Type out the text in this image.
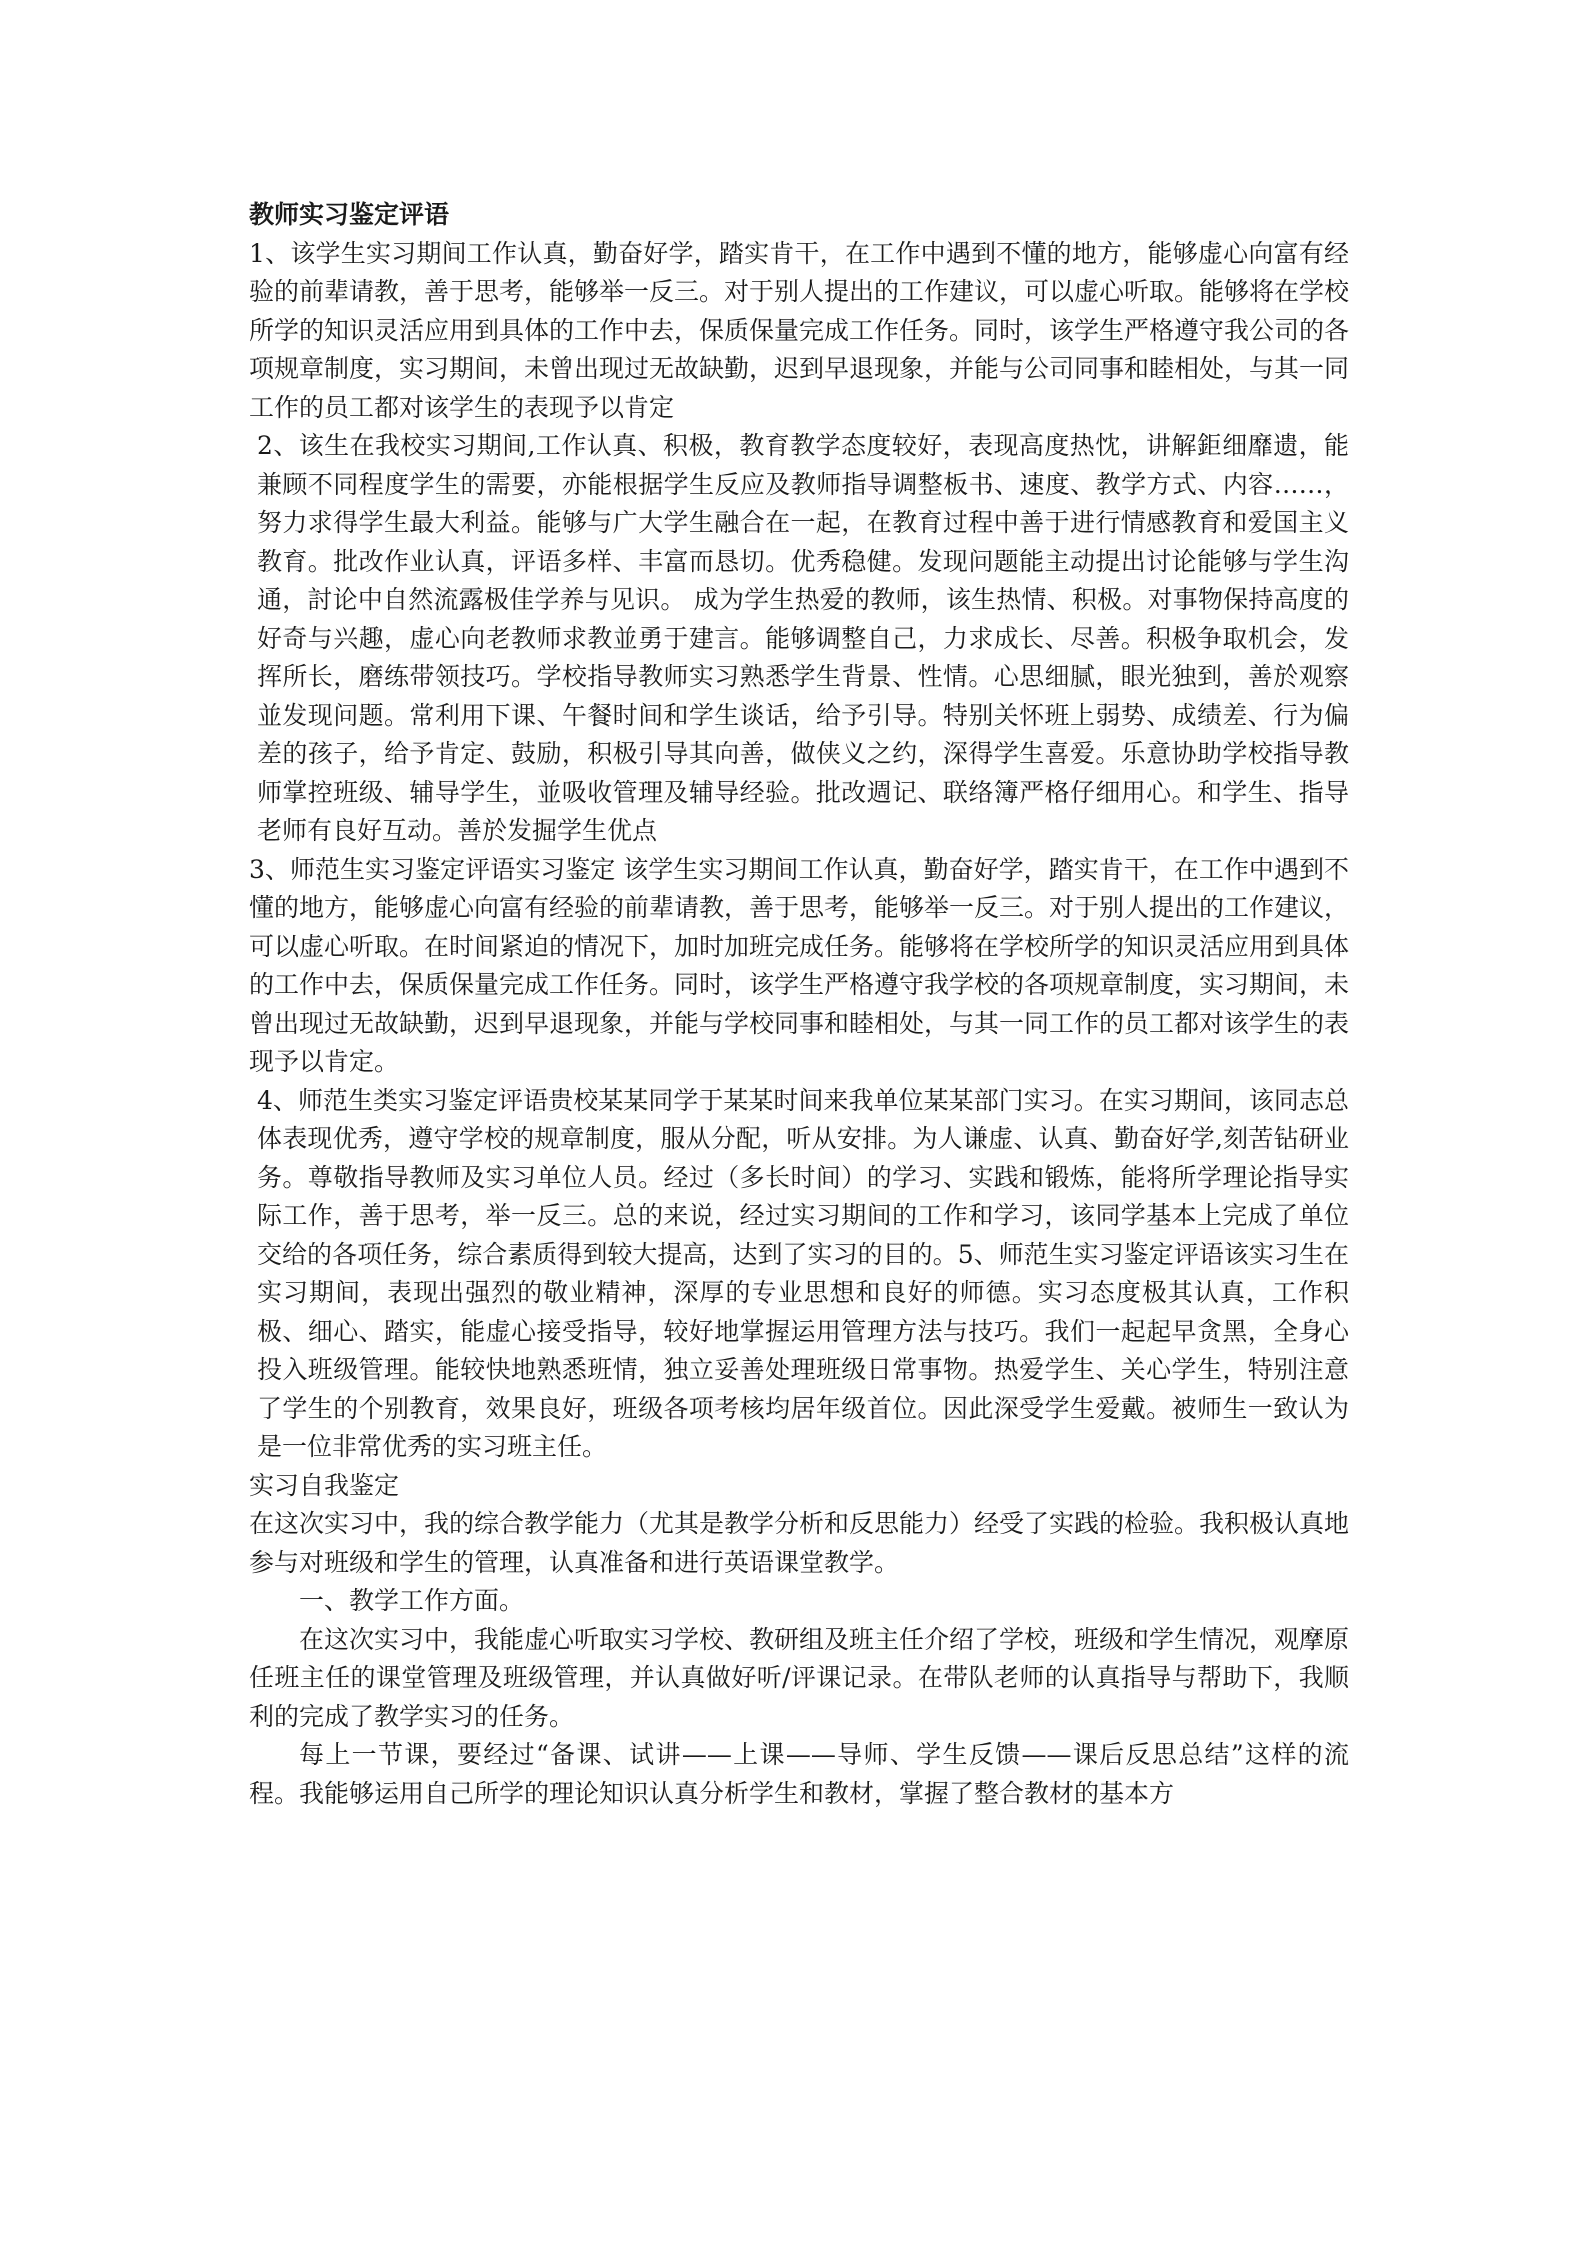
教师实习鉴定评语

1、该学生实习期间工作认真，勤奋好学，踏实肯干，在工作中遇到不懂的地方，能够虚心向富有经验的前辈请教，善于思考，能够举一反三。对于别人提出的工作建议，可以虚心听取。能够将在学校所学的知识灵活应用到具体的工作中去，保质保量完成工作任务。同时，该学生严格遵守我公司的各项规章制度，实习期间，未曾出现过无故缺勤，迟到早退现象，并能与公司同事和睦相处，与其一同工作的员工都对该学生的表现予以肯定

2、该生在我校实习期间,工作认真、积极，教育教学态度较好，表现高度热忱，讲解鉅细靡遗，能兼顾不同程度学生的需要，亦能根据学生反应及教师指导调整板书、速度、教学方式、内容……，努力求得学生最大利益。能够与广大学生融合在一起，在教育过程中善于进行情感教育和爱国主义教育。批改作业认真，评语多样、丰富而恳切。优秀稳健。发现问题能主动提出讨论能够与学生沟通，討论中自然流露极佳学养与见识。 成为学生热爱的教师，该生热情、积极。对事物保持高度的好奇与兴趣，虚心向老教师求教並勇于建言。能够调整自己，力求成长、尽善。积极争取机会，发挥所长，磨练带领技巧。学校指导教师实习熟悉学生背景、性情。心思细腻，眼光独到，善於观察並发现问题。常利用下课、午餐时间和学生谈话，给予引导。特别关怀班上弱势、成绩差、行为偏差的孩子，给予肯定、鼓励，积极引导其向善，做侠义之约，深得学生喜爱。乐意协助学校指导教师掌控班级、辅导学生，並吸收管理及辅导经验。批改週记、联络簿严格仔细用心。和学生、指导老师有良好互动。善於发掘学生优点

3、师范生实习鉴定评语实习鉴定 该学生实习期间工作认真，勤奋好学，踏实肯干，在工作中遇到不懂的地方，能够虚心向富有经验的前辈请教，善于思考，能够举一反三。对于别人提出的工作建议，可以虚心听取。在时间紧迫的情况下，加时加班完成任务。能够将在学校所学的知识灵活应用到具体的工作中去，保质保量完成工作任务。同时，该学生严格遵守我学校的各项规章制度，实习期间，未曾出现过无故缺勤，迟到早退现象，并能与学校同事和睦相处，与其一同工作的员工都对该学生的表现予以肯定。

4、师范生类实习鉴定评语贵校某某同学于某某时间来我单位某某部门实习。在实习期间，该同志总体表现优秀，遵守学校的规章制度，服从分配，听从安排。为人谦虚、认真、勤奋好学,刻苦钻研业务。尊敬指导教师及实习单位人员。经过（多长时间）的学习、实践和锻炼，能将所学理论指导实际工作，善于思考，举一反三。总的来说，经过实习期间的工作和学习，该同学基本上完成了单位交给的各项任务，综合素质得到较大提高，达到了实习的目的。5、师范生实习鉴定评语该实习生在实习期间，表现出强烈的敬业精神，深厚的专业思想和良好的师德。实习态度极其认真，工作积极、细心、踏实，能虚心接受指导，较好地掌握运用管理方法与技巧。我们一起起早贪黑，全身心投入班级管理。能较快地熟悉班情，独立妥善处理班级日常事物。热爱学生、关心学生，特别注意了学生的个别教育，效果良好，班级各项考核均居年级首位。因此深受学生爱戴。被师生一致认为是一位非常优秀的实习班主任。

实习自我鉴定

在这次实习中，我的综合教学能力（尤其是教学分析和反思能力）经受了实践的检验。我积极认真地参与对班级和学生的管理，认真准备和进行英语课堂教学。

一、教学工作方面。

在这次实习中，我能虚心听取实习学校、教研组及班主任介绍了学校，班级和学生情况，观摩原任班主任的课堂管理及班级管理，并认真做好听/评课记录。在带队老师的认真指导与帮助下，我顺利的完成了教学实习的任务。

每上一节课，要经过“备课、试讲——上课——导师、学生反馈——课后反思总结”这样的流程。我能够运用自己所学的理论知识认真分析学生和教材，掌握了整合教材的基本方
